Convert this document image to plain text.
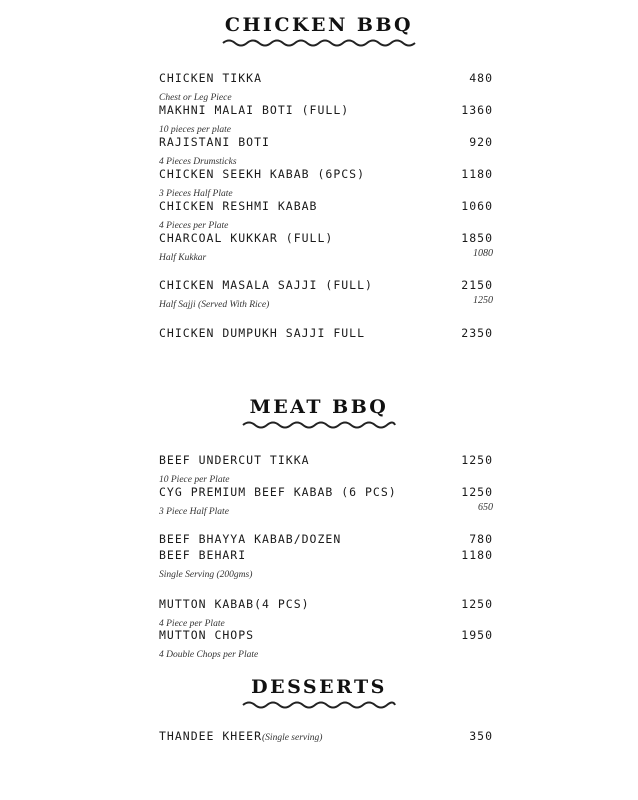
CHICKEN BBQ
CHICKEN TIKKA	480
Chest or Leg Piece
MAKHNI MALAI BOTI (FULL)	1360
10 pieces per plate
RAJISTANI BOTI	920
4 Pieces Drumsticks
CHICKEN SEEKH KABAB (6PCS)	1180
3 Pieces Half Plate
CHICKEN RESHMI KABAB	1060
4 Pieces per Plate
CHARCOAL KUKKAR (FULL)	1850
Half Kukkar	1080
CHICKEN MASALA SAJJI (FULL)	2150
Half Sajji (Served With Rice)	1250
CHICKEN DUMPUKH SAJJI FULL	2350
MEAT BBQ
BEEF UNDERCUT TIKKA	1250
10 Piece per Plate
CYG PREMIUM BEEF KABAB (6 PCS)	1250
3 Piece Half Plate	650
BEEF BHAYYA KABAB/DOZEN	780
BEEF BEHARI	1180
Single Serving (200gms)
MUTTON KABAB(4 PCS)	1250
4 Piece per Plate
MUTTON CHOPS	1950
4 Double Chops per Plate
DESSERTS
THANDEE KHEER(Single serving)	350
